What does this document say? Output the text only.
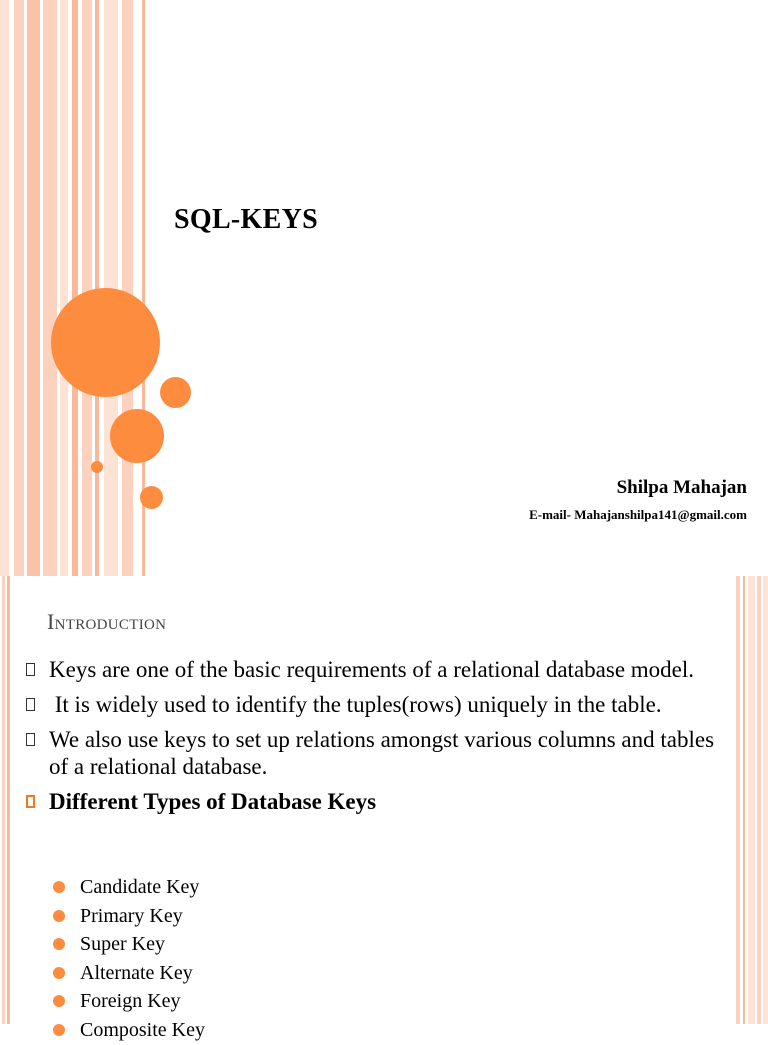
SQL-KEYS
Shilpa Mahajan
E-mail- Mahajanshilpa141@gmail.com
Introduction
Keys are one of the basic requirements of a relational database model.
It is widely used to identify the tuples(rows) uniquely in the table.
We also use keys to set up relations amongst various columns and tables of a relational database.
Different Types of Database Keys
Candidate Key
Primary Key
Super Key
Alternate Key
Foreign Key
Composite Key
